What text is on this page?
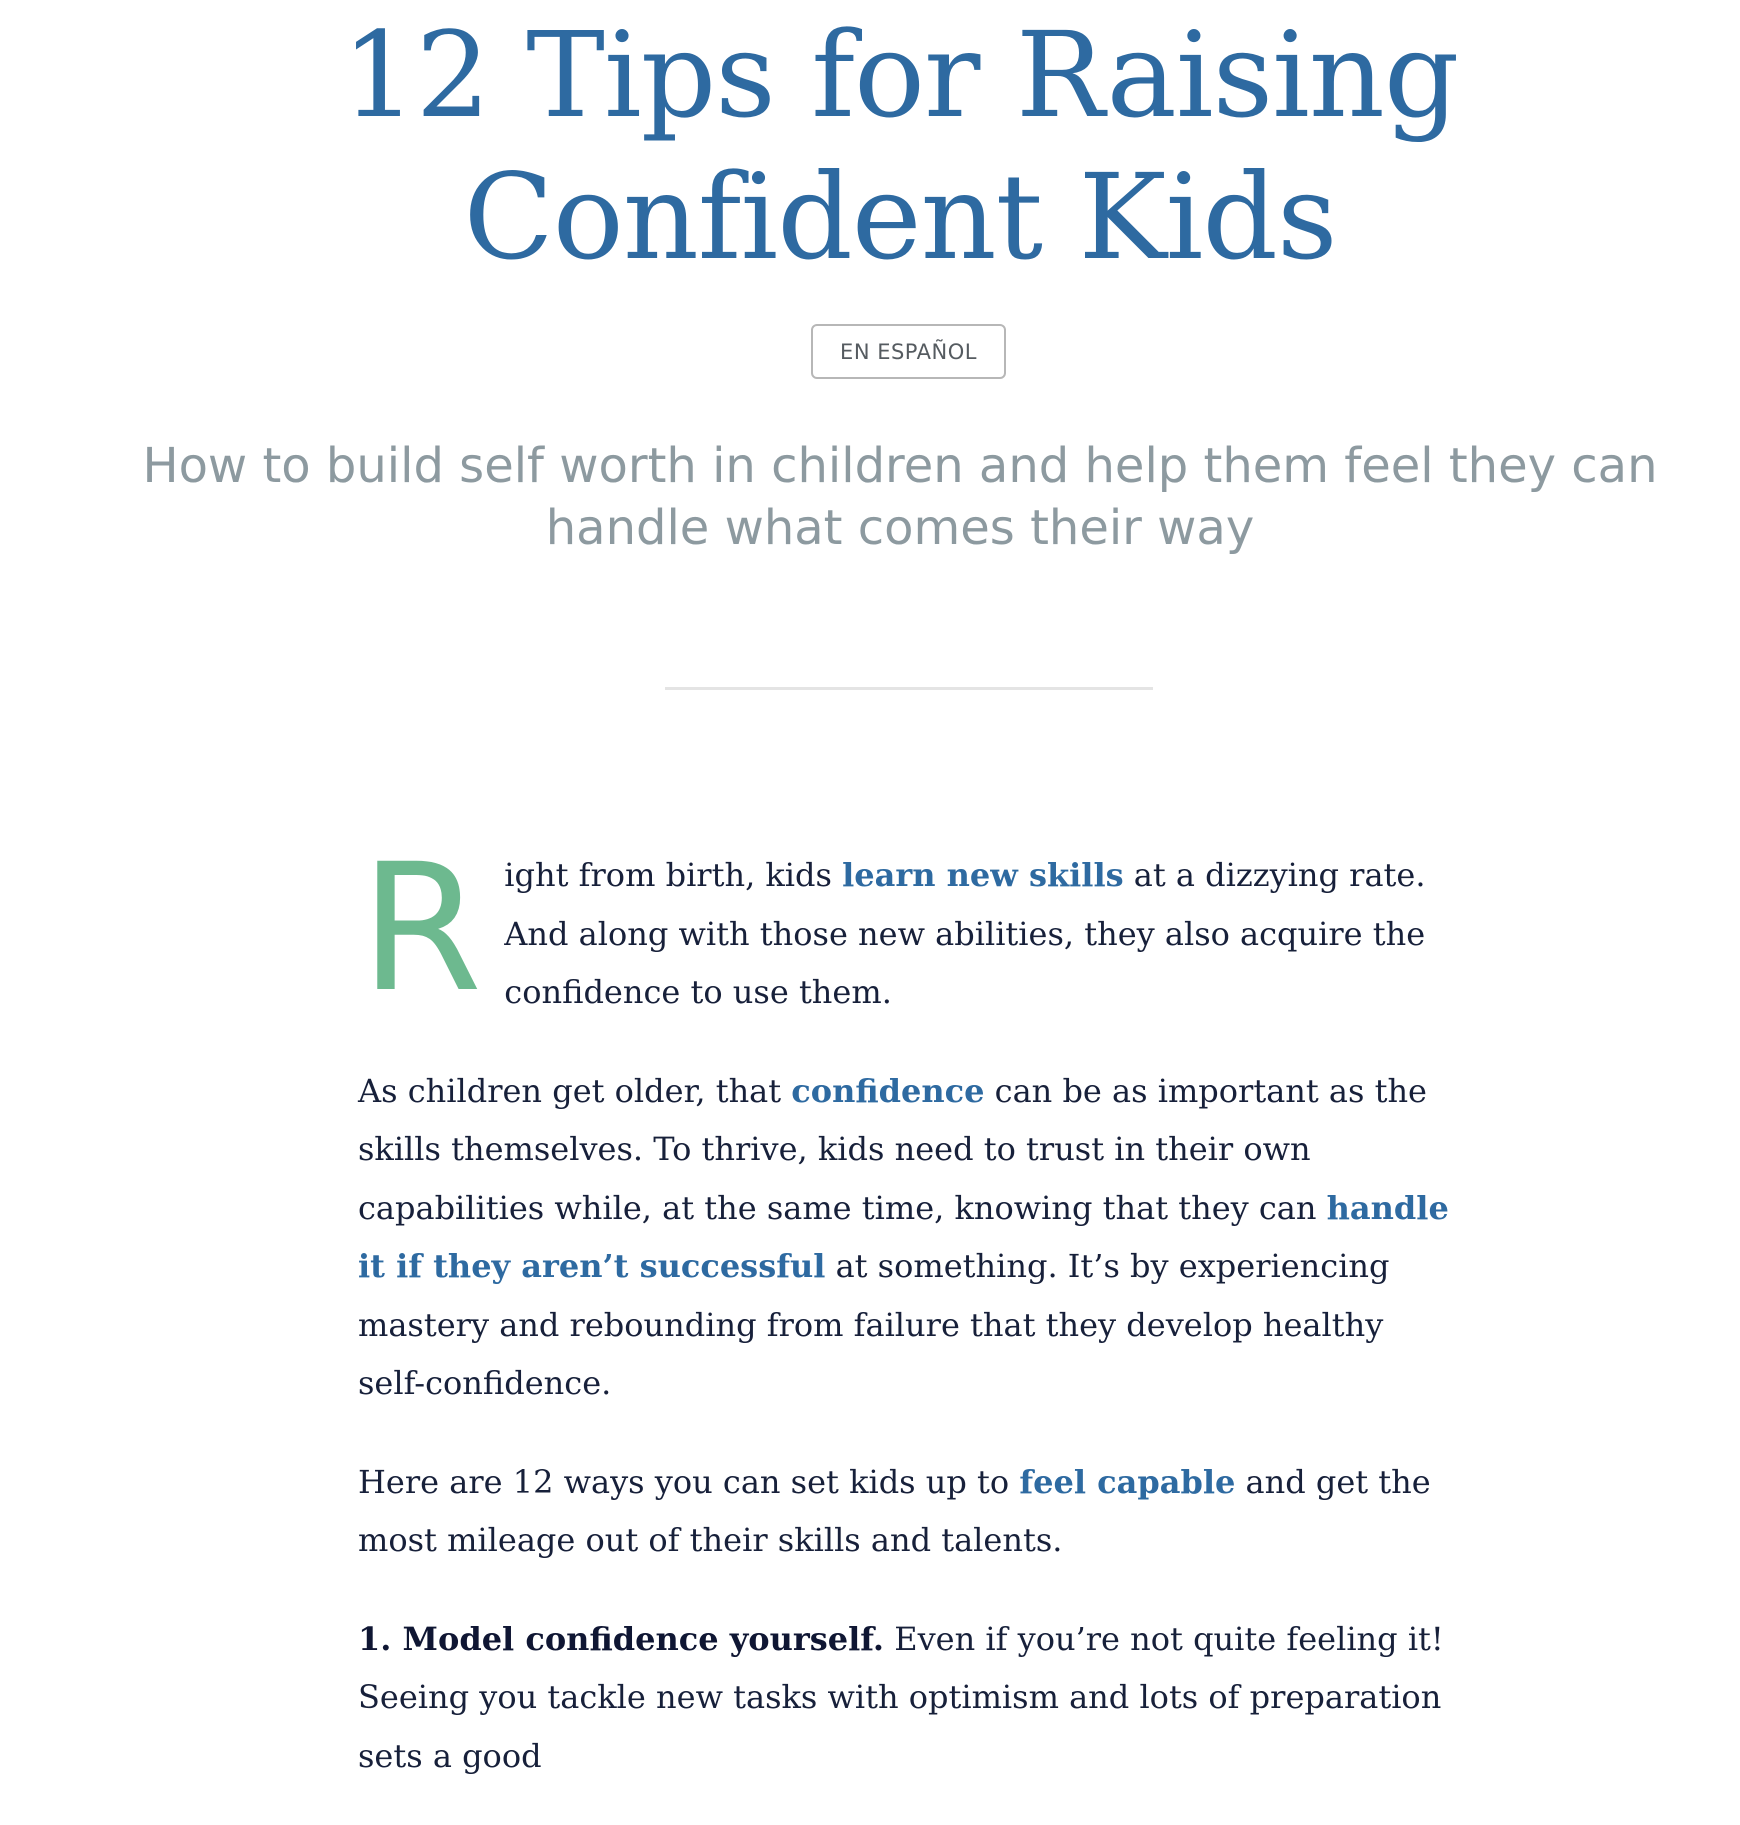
12 Tips for Raising Confident Kids
EN ESPAÑOL
How to build self worth in children and help them feel they can handle what comes their way

Right from birth, kids learn new skills at a dizzying rate. And along with those new abilities, they also acquire the confidence to use them.

As children get older, that confidence can be as important as the skills themselves. To thrive, kids need to trust in their own capabilities while, at the same time, knowing that they can handle it if they aren’t successful at something. It’s by experiencing mastery and rebounding from failure that they develop healthy self-confidence.

Here are 12 ways you can set kids up to feel capable and get the most mileage out of their skills and talents.

1. Model confidence yourself. Even if you’re not quite feeling it! Seeing you tackle new tasks with optimism and lots of preparation sets a good
